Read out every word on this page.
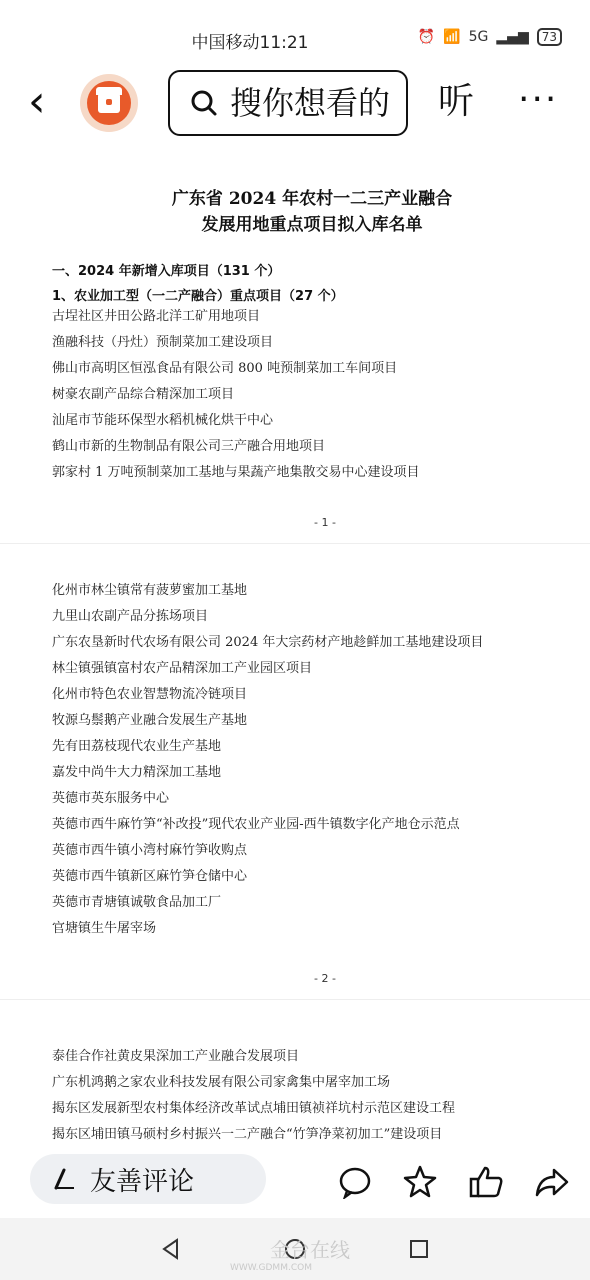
中国移动11:21	⏰ 📶 5G ▂▄▆	73
‹
搜你想看的	听 ···
广东省 2024 年农村一二三产业融合
发展用地重点项目拟入库名单
一、2024 年新增入库项目（131 个）
1、农业加工型（一二产融合）重点项目（27 个）
古埕社区井田公路北洋工矿用地项目
渔融科技（丹灶）预制菜加工建设项目
佛山市高明区恒泓食品有限公司 800 吨预制菜加工车间项目
树豪农副产品综合精深加工项目
汕尾市节能环保型水稻机械化烘干中心
鹤山市新的生物制品有限公司三产融合用地项目
郭家村 1 万吨预制菜加工基地与果蔬产地集散交易中心建设项目
- 1 -
化州市林尘镇常有菠萝蜜加工基地
九里山农副产品分拣场项目
广东农垦新时代农场有限公司 2024 年大宗药材产地趁鲜加工基地建设项目
林尘镇强镇富村农产品精深加工产业园区项目
化州市特色农业智慧物流冷链项目
牧源乌鬃鹅产业融合发展生产基地
先有田荔枝现代农业生产基地
嘉发中尚牛大力精深加工基地
英德市英东服务中心
英德市西牛麻竹笋“补改投”现代农业产业园-西牛镇数字化产地仓示范点
英德市西牛镇小湾村麻竹笋收购点
英德市西牛镇新区麻竹笋仓储中心
英德市青塘镇诚敬食品加工厂
官塘镇生牛屠宰场
- 2 -
泰佳合作社黄皮果深加工产业融合发展项目
广东机鸿鹅之家农业科技发展有限公司家禽集中屠宰加工场
揭东区发展新型农村集体经济改革试点埔田镇祯祥坑村示范区建设工程
揭东区埔田镇马硕村乡村振兴一二产融合“竹笋净菜初加工”建设项目
友善评论
金台在线
WWW.GDMM.COM
